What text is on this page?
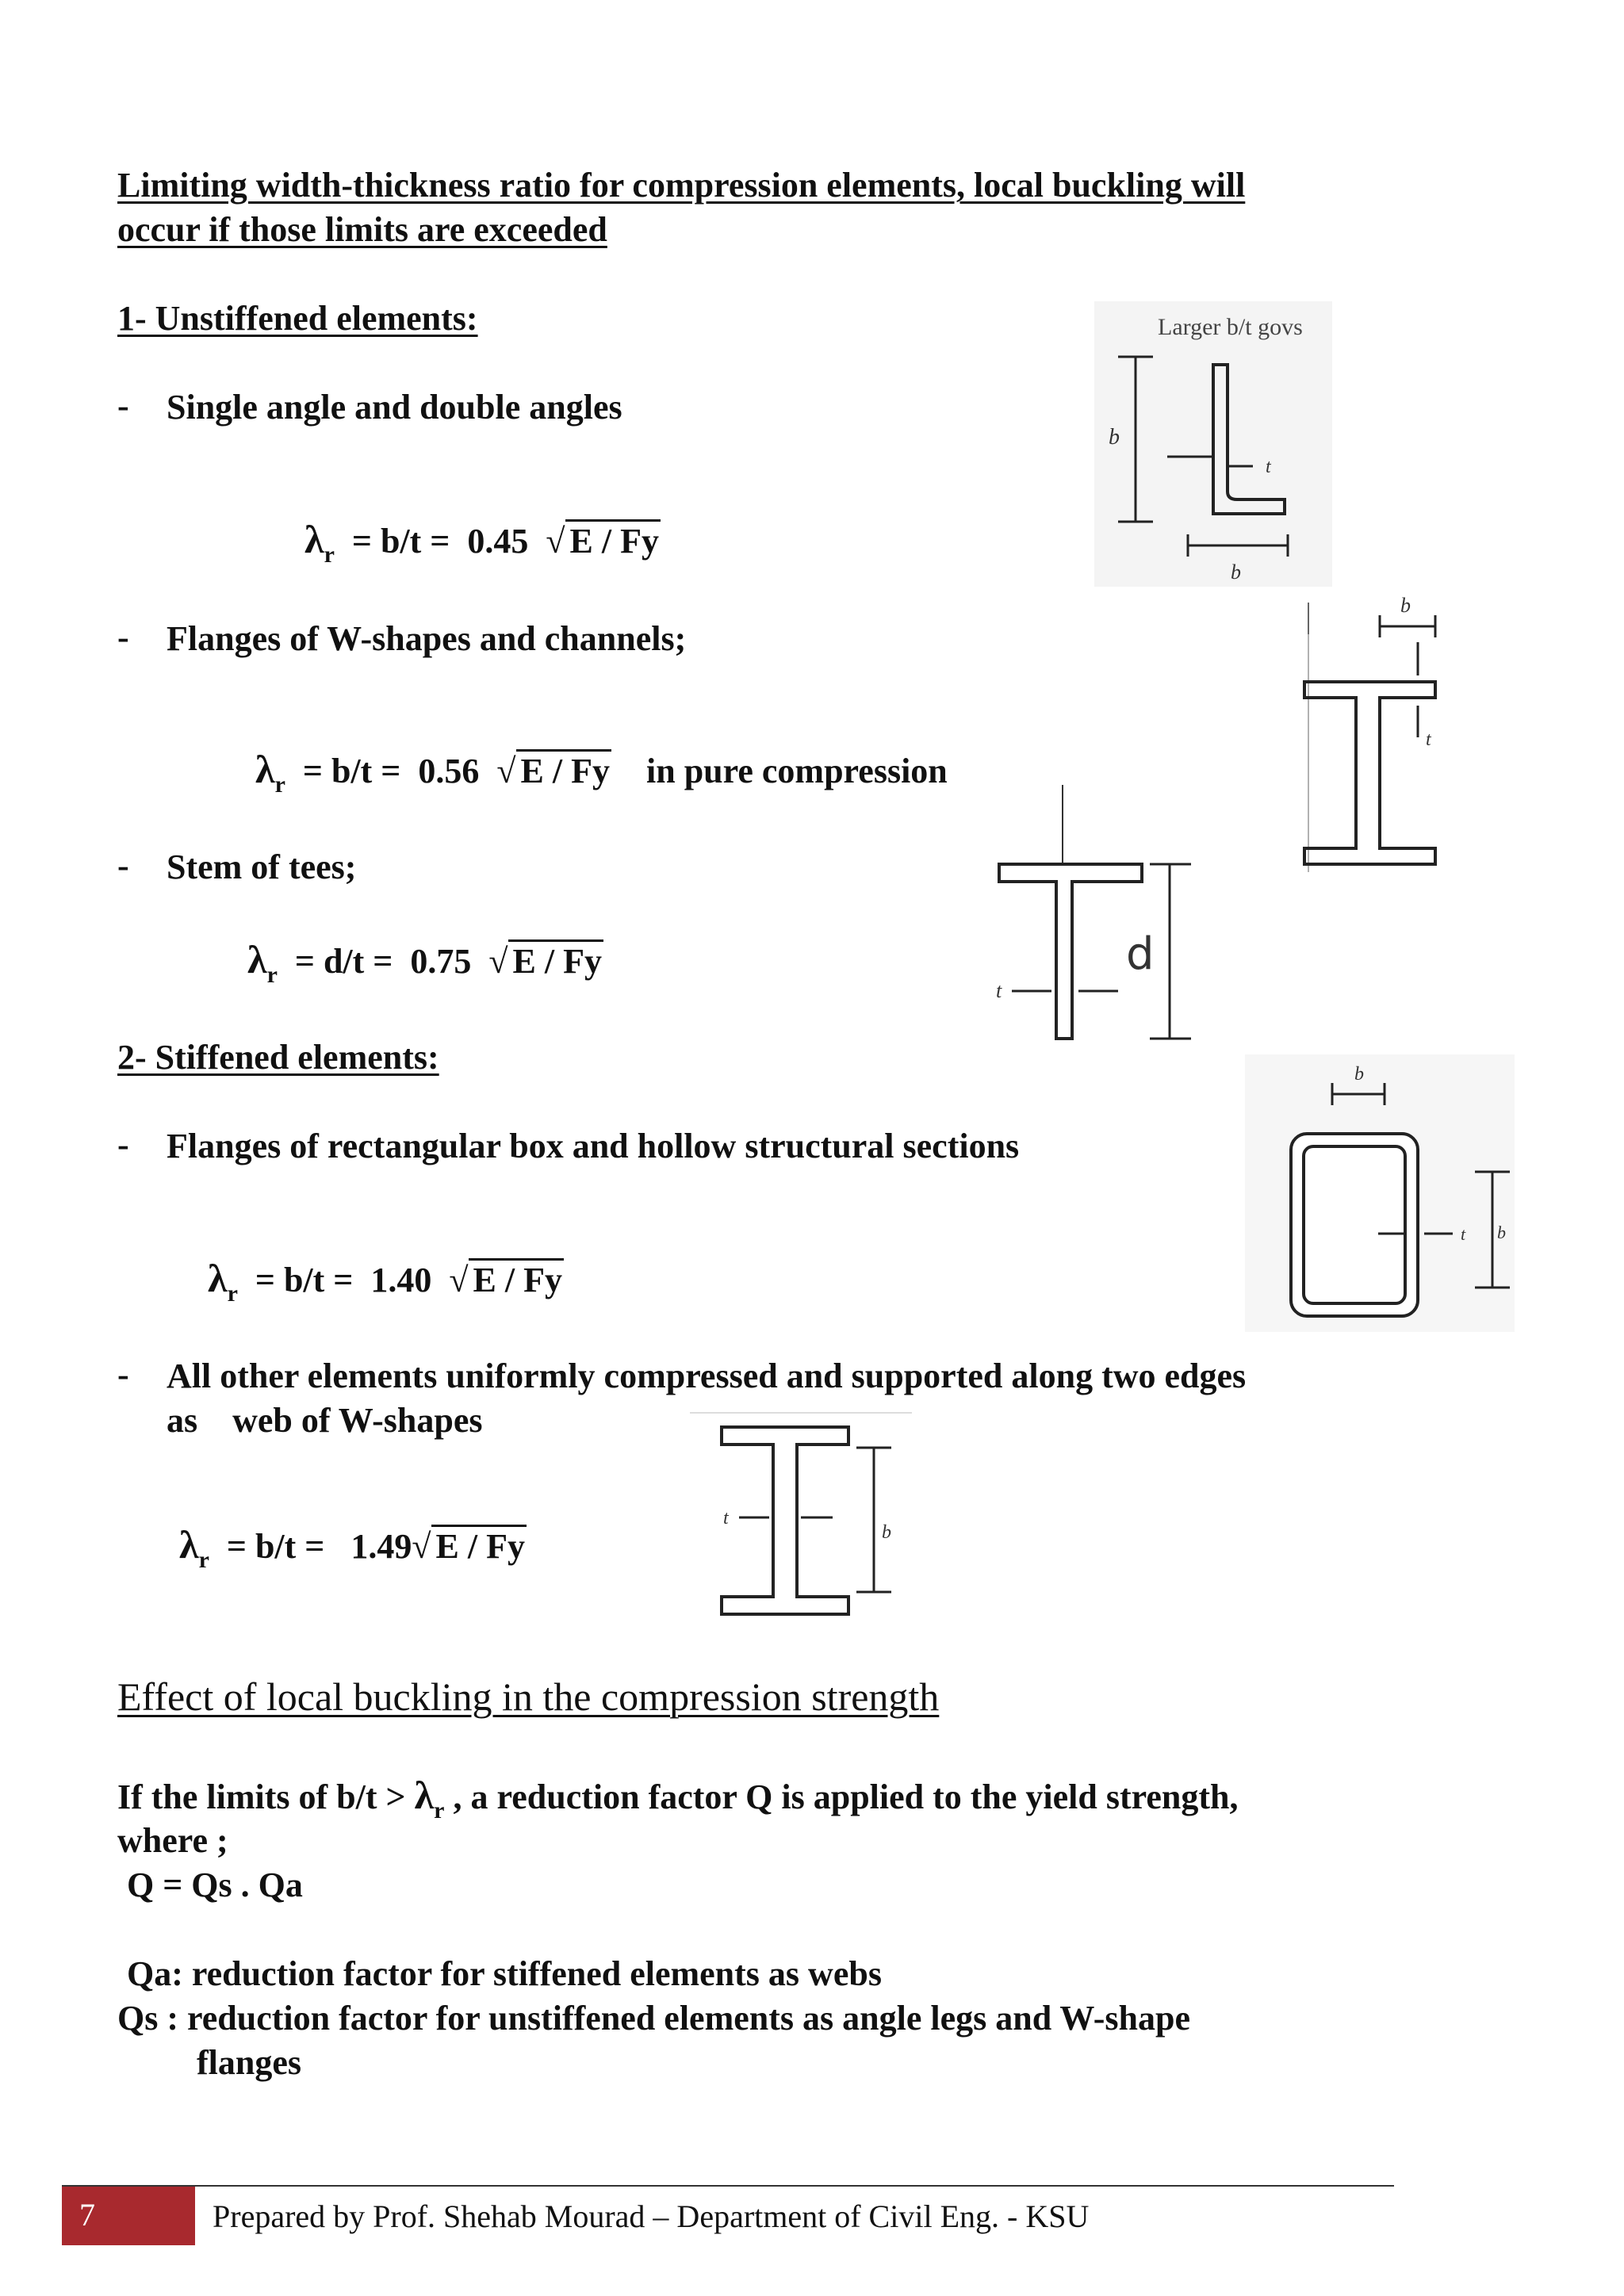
Limiting width-thickness ratio for compression elements, local buckling will
occur if those limits are exceeded
1- Unstiffened elements:
- Single angle and double angles

$\lambda_r = b/t = 0.45$ √ E / Fy

- Flanges of W-shapes and channels;

$\lambda_r = b/t = 0.56$ √ E / Fy in pure compression

- Stem of tees;

$\lambda_r = d/t = 0.75$ √ E / Fy

2- Stiffened elements:
- Flanges of rectangular box and hollow structural sections

$\lambda_r = b/t = 1.40$ √ E / Fy

- All other elements uniformly compressed and supported along two edges
as    web of W-shapes

$\lambda_r = b/t = 1.49√$ E / Fy

Larger b/t govs
b
t
b
b
t
t
d
b
t b
t
b
Effect of local buckling in the compression strength
If the limits of $b/t > \lambda_r$ , a reduction factor Q is applied to the yield strength,
where ;
Q = Qs . Qa
Qa: reduction factor for stiffened elements as webs
Qs : reduction factor for unstiffened elements as angle legs and W-shape
flanges
7	Prepared by Prof. Shehab Mourad – Department of Civil Eng. - KSU
